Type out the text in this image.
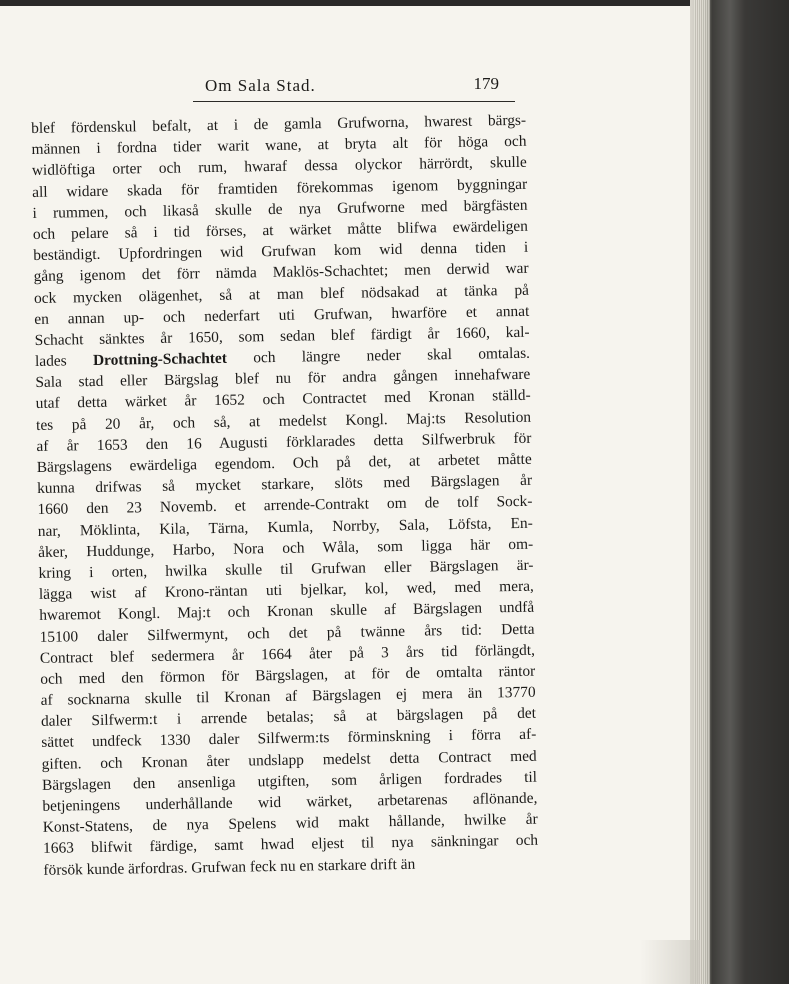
Om Sala Stad.	179
blef fördenskul befalt, at i de gamla Grufworna, hwarest bärgs-
männen i fordna tider warit wane, at bryta alt för höga och
widlöftiga orter och rum, hwaraf dessa olyckor härrördt, skulle
all widare skada för framtiden förekommas igenom byggningar
i rummen, och likaså skulle de nya Grufworne med bärgfästen
och pelare så i tid förses, at wärket måtte blifwa ewärdeligen
beständigt. Upfordringen wid Grufwan kom wid denna tiden i
gång igenom det förr nämda Maklös-Schachtet; men derwid war
ock mycken olägenhet, så at man blef nödsakad at tänka på
en annan up- och nederfart uti Grufwan, hwarföre et annat
Schacht sänktes år 1650, som sedan blef färdigt år 1660, kal-
lades Drottning-Schachtet och längre neder skal omtalas.
Sala stad eller Bärgslag blef nu för andra gången innehafware
utaf detta wärket år 1652 och Contractet med Kronan ställd-
tes på 20 år, och så, at medelst Kongl. Maj:ts Resolution
af år 1653 den 16 Augusti förklarades detta Silfwerbruk för
Bärgslagens ewärdeliga egendom. Och på det, at arbetet måtte
kunna drifwas så mycket starkare, slöts med Bärgslagen år
1660 den 23 Novemb. et arrende-Contrakt om de tolf Sock-
nar, Möklinta, Kila, Tärna, Kumla, Norrby, Sala, Löfsta, En-
åker, Huddunge, Harbo, Nora och Wåla, som ligga här om-
kring i orten, hwilka skulle til Grufwan eller Bärgslagen är-
lägga wist af Krono-räntan uti bjelkar, kol, wed, med mera,
hwaremot Kongl. Maj:t och Kronan skulle af Bärgslagen undfå
15100 daler Silfwermynt, och det på twänne års tid: Detta
Contract blef sedermera år 1664 åter på 3 års tid förlängdt,
och med den förmon för Bärgslagen, at för de omtalta räntor
af socknarna skulle til Kronan af Bärgslagen ej mera än 13770
daler Silfwerm:t i arrende betalas; så at bärgslagen på det
sättet undfeck 1330 daler Silfwerm:ts förminskning i förra af-
giften. och Kronan åter undslapp medelst detta Contract med
Bärgslagen den ansenliga utgiften, som årligen fordrades til
betjeningens underhållande wid wärket, arbetarenas aflönande,
Konst-Statens, de nya Spelens wid makt hållande, hwilke år
1663 blifwit färdige, samt hwad eljest til nya sänkningar och
försök kunde ärfordras. Grufwan feck nu en starkare drift än
